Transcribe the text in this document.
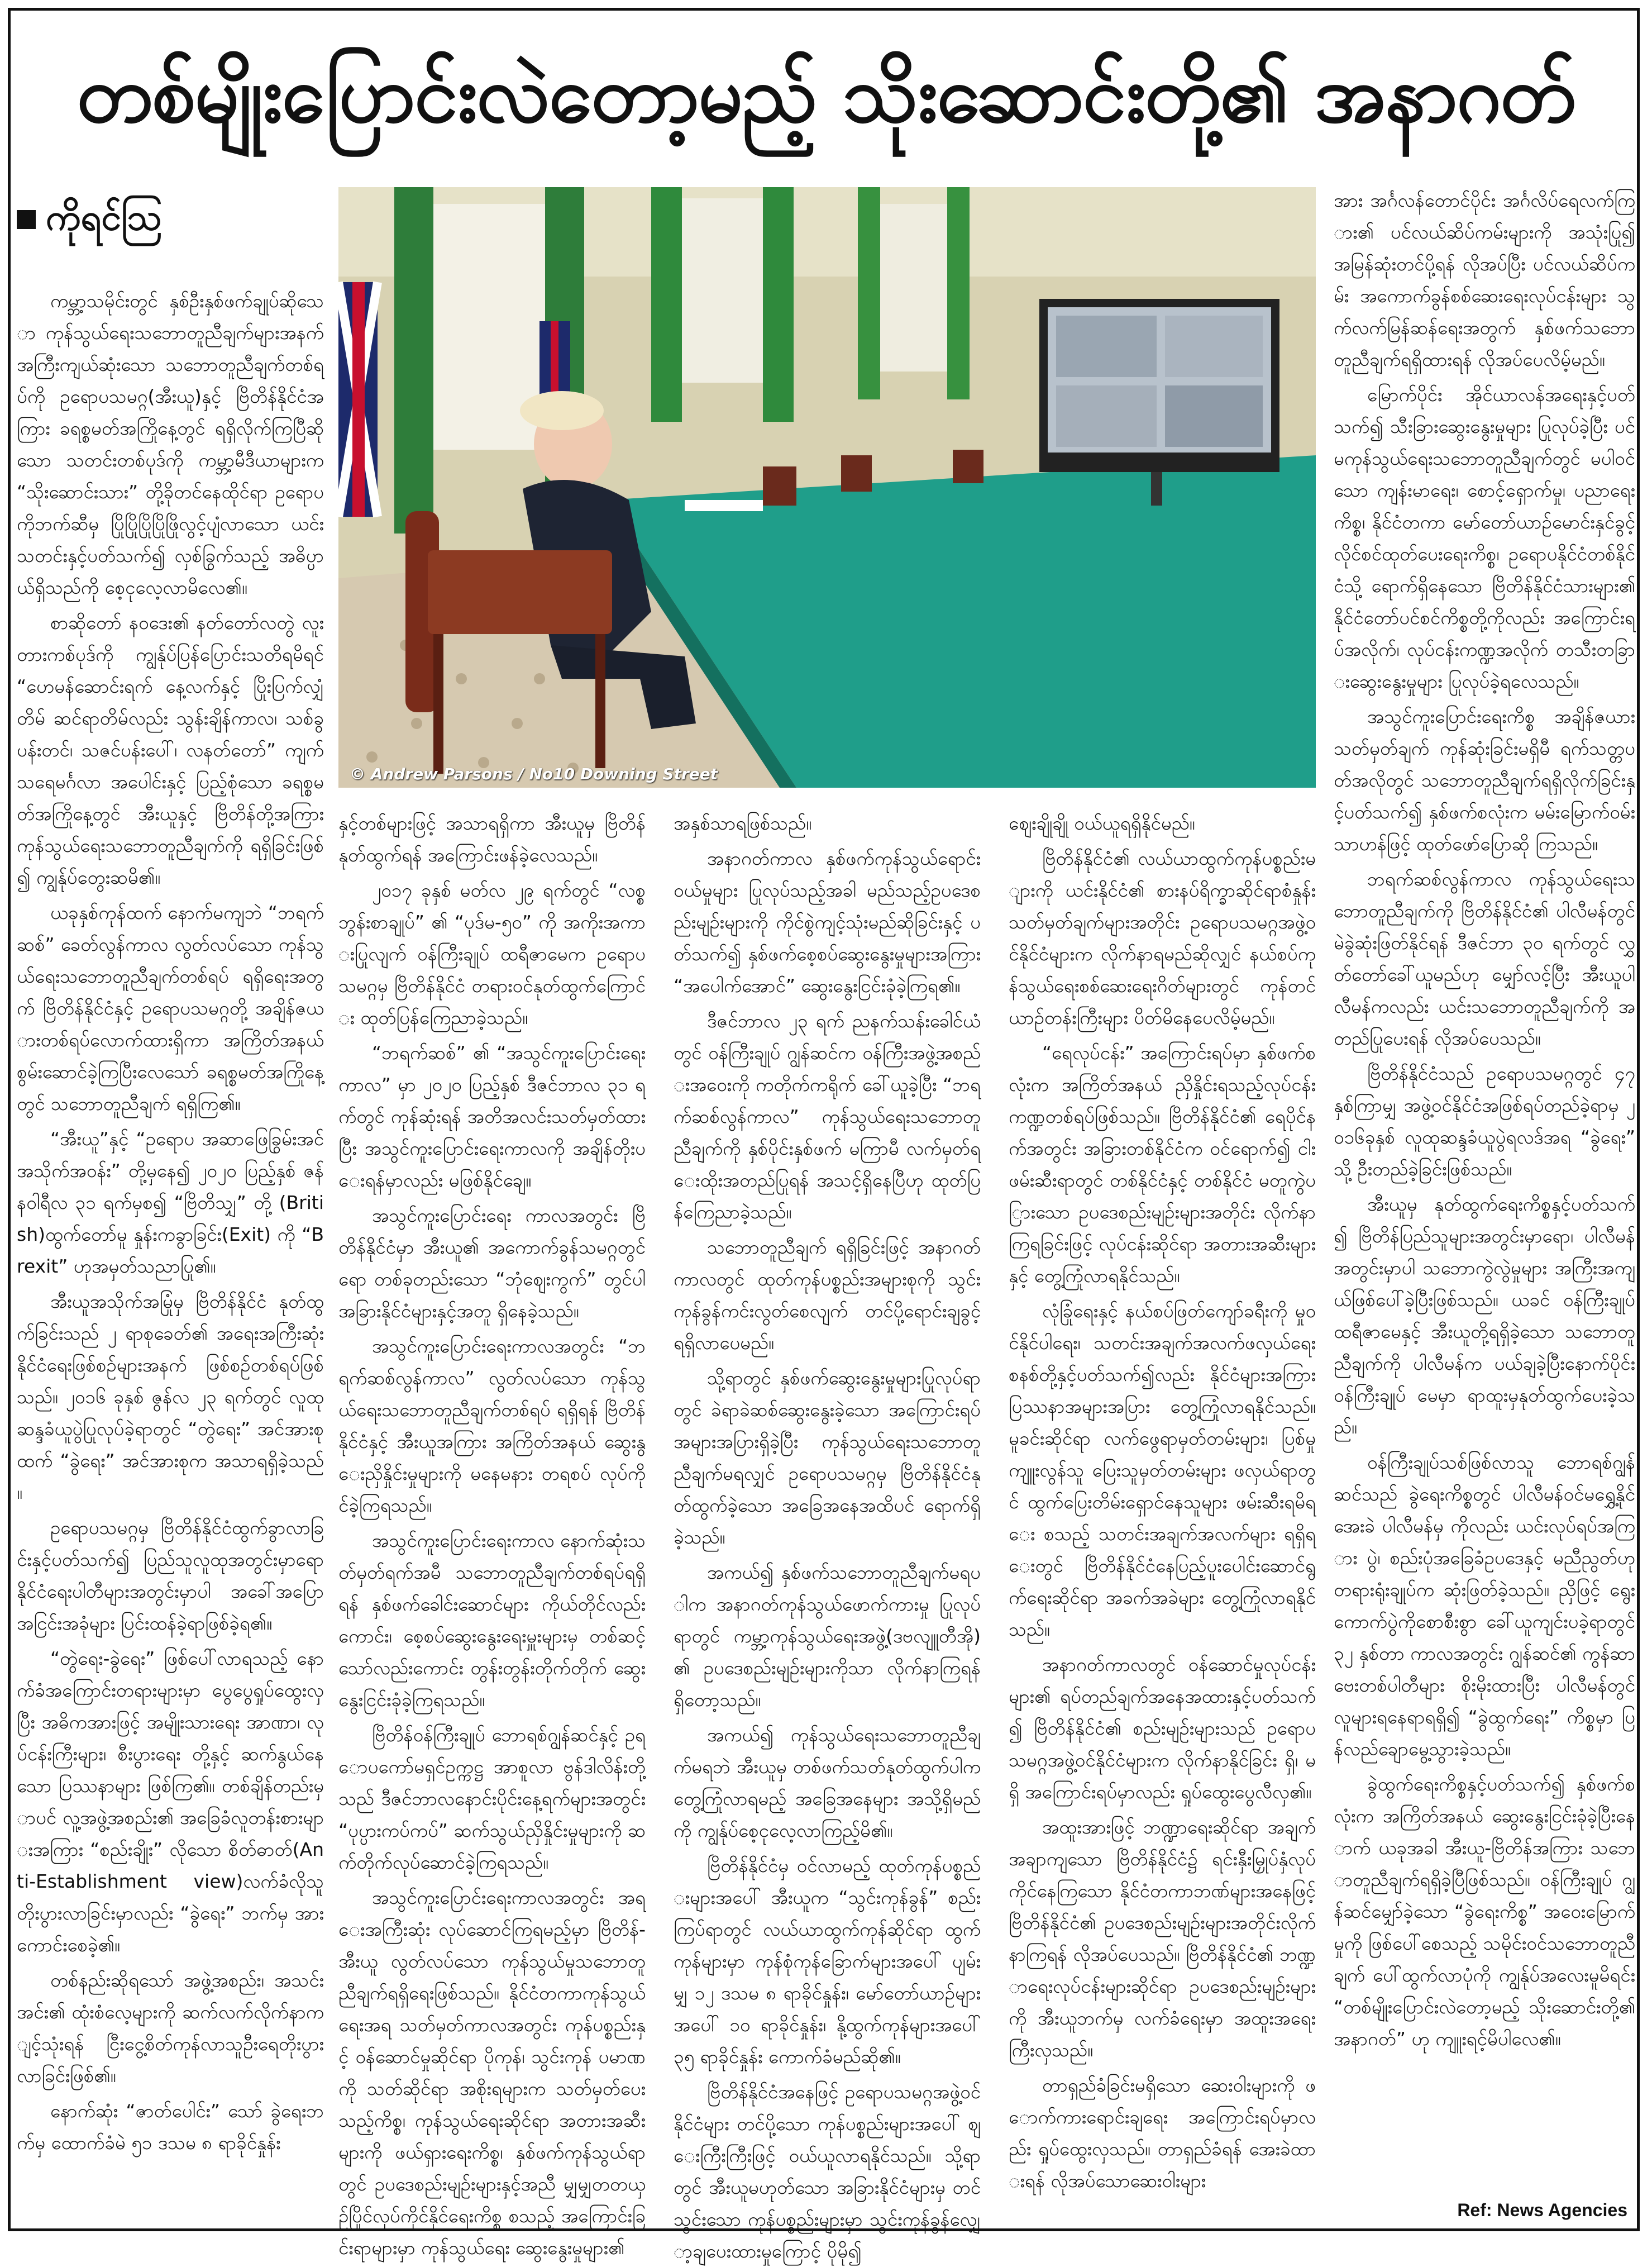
တစ်မျိုးပြောင်းလဲတော့မည့် သိုးဆောင်းတို့၏ အနာဂတ်
ကိုရင်ဩ

ကမ္ဘာ့သမိုင်းတွင် နှစ်ဦးနှစ်ဖက်ချုပ်ဆိုသော ကုန်သွယ်ရေးသဘောတူညီချက်များအနက် အကြီးကျယ်ဆုံးသော သဘောတူညီချက်တစ်ရပ်ကို ဥရောပသမဂ္ဂ(အီးယူ)နှင့် ဗြိတိန်နိုင်ငံအကြား ခရစ္စမတ်အကြိုနေ့တွင် ရရှိလိုက်ကြပြီဆိုသော သတင်းတစ်ပုဒ်ကို ကမ္ဘာ့မီဒီယာများက “သိုးဆောင်းသား” တို့ခိုတင်နေထိုင်ရာ ဥရောပကိုဘက်ဆီမှ ပြိုပြိုပြိုပြိုဖြိုလွင့်ပျံလာသော ယင်းသတင်းနှင့်ပတ်သက်၍ လှစ်ခြွက်သည့် အဓိပ္ပာယ်ရှိသည်ကို စေ့ငုလေ့လာမိလေ၏။

စာဆိုတော် နဝဒေး၏ နတ်တော်လတွဲ လူးတားကစ်ပုဒ်ကို ကျွန်ုပ်ပြန်ပြောင်းသတိရမိရင် “ဟေမန်ဆောင်းရက် နေ့လက်နှင့် ပြိုးပြက်လျှံတိမ် ဆင်ရာတိမ်လည်း သွန်းချိန်ကာလ၊ သစ်ခွပန်းတင်၊ သဇင်ပန်းပေါ်၊ လနတ်တော်” ကျက်သရေမင်္ဂလာ အပေါင်းနှင့် ပြည့်စုံသော ခရစ္စမတ်အကြိုနေ့တွင် အီးယူနှင့် ဗြိတိန်တို့အကြား ကုန်သွယ်ရေးသဘောတူညီချက်ကို ရရှိခြင်းဖြစ်၍ ကျွန်ုပ်တွေးဆမိ၏။

ယခုနှစ်ကုန်ထက် နောက်မကျဘဲ “ဘရက်ဆစ်” ခေတ်လွန်ကာလ လွတ်လပ်သော ကုန်သွယ်ရေးသဘောတူညီချက်တစ်ရပ် ရရှိရေးအတွက် ဗြိတိန်နိုင်ငံနှင့် ဥရောပသမဂ္ဂတို့ အချိန်ဇယားတစ်ရပ်လောက်ထားရှိကာ အကြိတ်အနယ် စွမ်းဆောင်ခဲ့ကြပြီးလေသော် ခရစ္စမတ်အကြိုနေ့တွင် သဘောတူညီချက် ရရှိကြ၏။

“အီးယူ”နှင့် “ဥရောပ အဆာဖြေခြွမ်းအင်အသိုက်အဝန်း” တို့မှနေ၍ ၂၀၂၀ ပြည့်နှစ် ဇန်နဝါရီလ ၃၁ ရက်မှစ၍ “ဗြိတိသျှ” တို့ (British)ထွက်တော်မူ နှုန်းကခွာခြင်း(Exit) ကို “Brexit” ဟုအမှတ်သညာပြု၏။

အီးယူအသိုက်အမြုံမှ ဗြိတိန်နိုင်ငံ နုတ်ထွက်ခြင်းသည် ၂ ရာစုခေတ်၏ အရေးအကြီးဆုံး နိုင်ငံရေးဖြစ်စဉ်များအနက် ဖြစ်စဉ်တစ်ရပ်ဖြစ်သည်။ ၂၀၁၆ ခုနှစ် ဇွန်လ ၂၃ ရက်တွင် လူထုဆန္ဒခံယူပွဲပြုလုပ်ခဲ့ရာတွင် “တွဲရေး” အင်အားစုထက် “ခွဲရေး” အင်အားစုက အသာရရှိခဲ့သည်။

ဥရောပသမဂ္ဂမှ ဗြိတိန်နိုင်ငံထွက်ခွာလာခြင်းနှင့်ပတ်သက်၍ ပြည်သူလူထုအတွင်းမှာရော နိုင်ငံရေးပါတီများအတွင်းမှာပါ အခေါ်အပြော အငြင်းအခုံများ ပြင်းထန်ခဲ့ရာဖြစ်ခဲ့ရ၏။

“တွဲရေး-ခွဲရေး” ဖြစ်ပေါ်လာရသည့် နောက်ခံအကြောင်းတရားများမှာ ပွေပွေရှုပ်ထွေးလှပြီး အဓိကအားဖြင့် အမျိုးသားရေး အာဏာ၊ လုပ်ငန်းကြီးများ၊ စီးပွားရေး တို့နှင့် ဆက်နွယ်နေသော ပြဿနာများ ဖြစ်ကြ၏။ တစ်ချိန်တည်းမှာပင် လူ့အဖွဲ့အစည်း၏ အခြေခံလူတန်းစားများအကြား “စည်းချိုး” လိုသော စိတ်ဓာတ်(Anti-Establishment view)လက်ခံလိုသူ တိုးပွားလာခြင်းမှာလည်း “ခွဲရေး” ဘက်မှ အားကောင်းစေခဲ့၏။

တစ်နည်းဆိုရသော် အဖွဲ့အစည်း၊ အသင်းအင်း၏ ထုံးစံလေ့များကို ဆက်လက်လိုက်နာကျင့်သုံးရန် ငြီးငွေ့စိတ်ကုန်လာသူဦးရေတိုးပွားလာခြင်းဖြစ်၏။

နောက်ဆုံး “ဇာတ်ပေါင်း” သော် ခွဲရေးဘက်မှ ထောက်ခံမဲ ၅၁ ဒသမ ၈ ရာခိုင်နှုန်း

© Andrew Parsons / No10 Downing Street

နှင့်တစ်များဖြင့် အသာရရှိကာ အီးယူမှ ဗြိတိန် နုတ်ထွက်ရန် အကြောင်းဖန်ခဲ့လေသည်။

၂၀၁၇ ခုနှစ် မတ်လ ၂၉ ရက်တွင် “လစ္စဘွန်းစာချုပ်” ၏ “ပုဒ်မ-၅၀” ကို အကိုးအကားပြုလျက် ဝန်ကြီးချုပ် ထရီဇာမေက ဥရောပသမဂ္ဂမှ ဗြိတိန်နိုင်ငံ တရားဝင်နုတ်ထွက်ကြောင်း ထုတ်ပြန်ကြေညာခဲ့သည်။

“ဘရက်ဆစ်” ၏ “အသွင်ကူးပြောင်းရေးကာလ” မှာ ၂၀၂၀ ပြည့်နှစ် ဒီဇင်ဘာလ ၃၁ ရက်တွင် ကုန်ဆုံးရန် အတိအလင်းသတ်မှတ်ထားပြီး အသွင်ကူးပြောင်းရေးကာလကို အချိန်တိုးပေးရန်မှာလည်း မဖြစ်နိုင်ချေ။

အသွင်ကူးပြောင်းရေး ကာလအတွင်း ဗြိတိန်နိုင်ငံမှာ အီးယူ၏ အကောက်ခွန်သမဂ္ဂတွင်ရော တစ်ခုတည်းသော “ဘုံဈေးကွက်” တွင်ပါ အခြားနိုင်ငံများနှင့်အတူ ရှိနေခဲ့သည်။

အသွင်ကူးပြောင်းရေးကာလအတွင်း “ဘရက်ဆစ်လွန်ကာလ” လွတ်လပ်သော ကုန်သွယ်ရေးသဘောတူညီချက်တစ်ရပ် ရရှိရန် ဗြိတိန်နိုင်ငံနှင့် အီးယူအကြား အကြိတ်အနယ် ဆွေးနွေးညှိနှိုင်းမှုများကို မနေမနား တရစပ် လုပ်ကိုင်ခဲ့ကြရသည်။

အသွင်ကူးပြောင်းရေးကာလ နောက်ဆုံးသတ်မှတ်ရက်အမီ သဘောတူညီချက်တစ်ရပ်ရရှိရန် နှစ်ဖက်ခေါင်းဆောင်များ ကိုယ်တိုင်လည်းကောင်း၊ စေ့စပ်ဆွေးနွေးရေးမှူးများမှ တစ်ဆင့်သော်လည်းကောင်း တွန်းတွန်းတိုက်တိုက် ဆွေးနွေးငြင်းခုံခဲ့ကြရသည်။

ဗြိတိန်ဝန်ကြီးချုပ် ဘောရစ်ဂျွန်ဆင်နှင့် ဥရောပကော်မရှင်ဥက္ကဋ္ဌ အာစူလာ ဗွန်ဒါလိန်းတို့သည် ဒီဇင်ဘာလနောင်းပိုင်းနေ့ရက်များအတွင်း “ပုပ္ပားကပ်ကပ်” ဆက်သွယ်ညှိနှိုင်းမှုများကို ဆက်တိုက်လုပ်ဆောင်ခဲ့ကြရသည်။

အသွင်ကူးပြောင်းရေးကာလအတွင်း အရေးအကြီးဆုံး လုပ်ဆောင်ကြရမည့်မှာ ဗြိတိန်-အီးယူ လွတ်လပ်သော ကုန်သွယ်မှုသဘောတူညီချက်ရရှိရေးဖြစ်သည်။ နိုင်ငံတကာကုန်သွယ်ရေးအရ သတ်မှတ်ကာလအတွင်း ကုန်ပစ္စည်းနှင့် ဝန်ဆောင်မှုဆိုင်ရာ ပိုကုန်၊ သွင်းကုန် ပမာဏကို သတ်ဆိုင်ရာ အစိုးရများက သတ်မှတ်ပေးသည့်ကိစ္စ၊ ကုန်သွယ်ရေးဆိုင်ရာ အတားအဆီးများကို ဖယ်ရှားရေးကိစ္စ၊ နှစ်ဖက်ကုန်သွယ်ရာတွင် ဥပဒေစည်းမျဉ်းများနှင့်အညီ မျှမျှတတယှဉ်ပြိုင်လုပ်ကိုင်နိုင်ရေးကိစ္စ စသည့် အကြောင်းခြင်းရာများမှာ ကုန်သွယ်ရေး ဆွေးနွေးမှုများ၏

အနှစ်သာရဖြစ်သည်။

အနာဂတ်ကာလ နှစ်ဖက်ကုန်သွယ်ရောင်းဝယ်မှုများ ပြုလုပ်သည့်အခါ မည်သည့်ဥပဒေစည်းမျဉ်းများကို ကိုင်စွဲကျင့်သုံးမည်ဆိုခြင်းနှင့် ပတ်သက်၍ နှစ်ဖက်စေ့စပ်ဆွေးနွေးမှုများအကြား “အပေါက်အောင်” ဆွေးနွေးငြင်းခုံခဲ့ကြရ၏။

ဒီဇင်ဘာလ ၂၃ ရက် ညနက်သန်းခေါင်ယံတွင် ဝန်ကြီးချုပ် ဂျွန်ဆင်က ဝန်ကြီးအဖွဲ့အစည်းအဝေးကို ကတိုက်ကရိုက် ခေါ်ယူခဲ့ပြီး “ဘရက်ဆစ်လွန်ကာလ” ကုန်သွယ်ရေးသဘောတူညီချက်ကို နှစ်ပိုင်းနှစ်ဖက် မကြာမီ လက်မှတ်ရေးထိုးအတည်ပြုရန် အသင့်ရှိနေပြီဟု ထုတ်ပြန်ကြေညာခဲ့သည်။

သဘောတူညီချက် ရရှိခြင်းဖြင့် အနာဂတ်ကာလတွင် ထုတ်ကုန်ပစ္စည်းအများစုကို သွင်းကုန်ခွန်ကင်းလွတ်စေလျက် တင်ပို့ရောင်းချခွင့် ရရှိလာပေမည်။

သို့ရာတွင် နှစ်ဖက်ဆွေးနွေးမှုများပြုလုပ်ရာတွင် ခဲရာခဲဆစ်ဆွေးနွေးခဲ့သော အကြောင်းရပ်အများအပြားရှိခဲ့ပြီး ကုန်သွယ်ရေးသဘောတူညီချက်မရလျှင် ဥရောပသမဂ္ဂမှ ဗြိတိန်နိုင်ငံနုတ်ထွက်ခဲ့သော အခြေအနေအထိပင် ရောက်ရှိခဲ့သည်။

အကယ်၍ နှစ်ဖက်သဘောတူညီချက်မရပါက အနာဂတ်ကုန်သွယ်ဖောက်ကားမှု ပြုလုပ်ရာတွင် ကမ္ဘာ့ကုန်သွယ်ရေးအဖွဲ့(ဒဗလျူတီအို)၏ ဥပဒေစည်းမျဉ်းများကိုသာ လိုက်နာကြရန် ရှိတော့သည်။

အကယ်၍ ကုန်သွယ်ရေးသဘောတူညီချက်မရဘဲ အီးယူမှ တစ်ဖက်သတ်နုတ်ထွက်ပါက တွေ့ကြုံလာရမည့် အခြေအနေများ အသို့ရှိမည်ကို ကျွန်ုပ်စေ့ငုလေ့လာကြည့်မိ၏။

ဗြိတိန်နိုင်ငံမှ ဝင်လာမည့် ထုတ်ကုန်ပစ္စည်းများအပေါ် အီးယူက “သွင်းကုန်ခွန်” စည်းကြပ်ရာတွင် လယ်ယာထွက်ကုန်ဆိုင်ရာ ထွက်ကုန်များမှာ ကုန်စုံကုန်ခြောက်များအပေါ် ပျမ်းမျှ ၁၂ ဒသမ ၈ ရာခိုင်နှုန်း၊ မော်တော်ယာဉ်များအပေါ် ၁၀ ရာခိုင်နှုန်း၊ နို့ထွက်ကုန်များအပေါ် ၃၅ ရာခိုင်နှုန်း ကောက်ခံမည်ဆို၏။

ဗြိတိန်နိုင်ငံအနေဖြင့် ဥရောပသမဂ္ဂအဖွဲ့ဝင်နိုင်ငံများ တင်ပို့သော ကုန်ပစ္စည်းများအပေါ် ဈေးကြီးကြီးဖြင့် ဝယ်ယူလာရနိုင်သည်။ သို့ရာတွင် အီးယူမဟုတ်သော အခြားနိုင်ငံများမှ တင်သွင်းသော ကုန်ပစ္စည်းများမှာ သွင်းကုန်ခွန်လျှော့ချပေးထားမှုကြောင့် ပိုမို၍

ဈေးချိုချို ဝယ်ယူရရှိနိုင်မည်။

ဗြိတိန်နိုင်ငံ၏ လယ်ယာထွက်ကုန်ပစ္စည်းများကို ယင်းနိုင်ငံ၏ စားနပ်ရိက္ခာဆိုင်ရာစံနှုန်းသတ်မှတ်ချက်များအတိုင်း ဥရောပသမဂ္ဂအဖွဲ့ဝင်နိုင်ငံများက လိုက်နာရမည်ဆိုလျှင် နယ်စပ်ကုန်သွယ်ရေးစစ်ဆေးရေးဂိတ်များတွင် ကုန်တင်ယာဉ်တန်းကြီးများ ပိတ်မိနေပေလိမ့်မည်။

“ရေလုပ်ငန်း” အကြောင်းရပ်မှာ နှစ်ဖက်စလုံးက အကြိတ်အနယ် ညှိနှိုင်းရသည့်လုပ်ငန်းကဏ္ဍတစ်ရပ်ဖြစ်သည်။ ဗြိတိန်နိုင်ငံ၏ ရေပိုင်နက်အတွင်း အခြားတစ်နိုင်ငံက ဝင်ရောက်၍ ငါးဖမ်းဆီးရာတွင် တစ်နိုင်ငံနှင့် တစ်နိုင်ငံ မတူကွဲပြားသော ဥပဒေစည်းမျဉ်းများအတိုင်း လိုက်နာကြရခြင်းဖြင့် လုပ်ငန်းဆိုင်ရာ အတားအဆီးများနှင့် တွေ့ကြုံလာရနိုင်သည်။

လုံခြုံရေးနှင့် နယ်စပ်ဖြတ်ကျော်ခရီးကို မှုဝင်နိုင်ပါရေး၊ သတင်းအချက်အလက်ဖလှယ်ရေးစနစ်တို့နှင့်ပတ်သက်၍လည်း နိုင်ငံများအကြား ပြဿနာအများအပြား တွေ့ကြုံလာရနိုင်သည်။ မူခင်းဆိုင်ရာ လက်ဖွေရာမှတ်တမ်းများ၊ ပြစ်မှုကျူးလွန်သူ ပြေးသူမှတ်တမ်းများ ဖလှယ်ရာတွင် ထွက်ပြေးတိမ်းရှောင်နေသူများ ဖမ်းဆီးရမိရေး စသည့် သတင်းအချက်အလက်များ ရရှိရေးတွင် ဗြိတိန်နိုင်ငံနေပြည့်ပူးပေါင်းဆောင်ရွက်ရေးဆိုင်ရာ အခက်အခဲများ တွေ့ကြုံလာရနိုင်သည်။

အနာဂတ်ကာလတွင် ဝန်ဆောင်မှုလုပ်ငန်းများ၏ ရပ်တည်ချက်အနေအထားနှင့်ပတ်သက်၍ ဗြိတိန်နိုင်ငံ၏ စည်းမျဉ်းများသည် ဥရောပသမဂ္ဂအဖွဲ့ဝင်နိုင်ငံများက လိုက်နာနိုင်ခြင်း ရှိ၊ မရှိ အကြောင်းရပ်မှာလည်း ရှုပ်ထွေးပွေလီလှ၏။

အထူးအားဖြင့် ဘဏ္ဍာရေးဆိုင်ရာ အချက်အချာကျသော ဗြိတိန်နိုင်ငံ၌ ရင်းနှီးမြှုပ်နှံလုပ်ကိုင်နေကြသော နိုင်ငံတကာဘဏ်များအနေဖြင့် ဗြိတိန်နိုင်ငံ၏ ဥပဒေစည်းမျဉ်းများအတိုင်းလိုက်နာကြရန် လိုအပ်ပေသည်။ ဗြိတိန်နိုင်ငံ၏ ဘဏ္ဍာရေးလုပ်ငန်းများဆိုင်ရာ ဥပဒေစည်းမျဉ်းများကို အီးယူဘက်မှ လက်ခံရေးမှာ အထူးအရေးကြီးလှသည်။

တာရှည်ခံခြင်းမရှိသော ဆေးဝါးများကို ဖောက်ကားရောင်းချရေး အကြောင်းရပ်မှာလည်း ရှုပ်ထွေးလှသည်။ တာရှည်ခံရန် အေးခဲထားရန် လိုအပ်သောဆေးဝါးများ

အား အင်္ဂလန်တောင်ပိုင်း အင်္ဂလိပ်ရေလက်ကြား၏ ပင်လယ်ဆိပ်ကမ်းများကို အသုံးပြု၍ အမြန်ဆုံးတင်ပို့ရန် လိုအပ်ပြီး ပင်လယ်ဆိပ်ကမ်း အကောက်ခွန်စစ်ဆေးရေးလုပ်ငန်းများ သွက်လက်မြန်ဆန်ရေးအတွက် နှစ်ဖက်သဘောတူညီချက်ရရှိထားရန် လိုအပ်ပေလိမ့်မည်။

မြောက်ပိုင်း အိုင်ယာလန်အရေးနှင့်ပတ်သက်၍ သီးခြားဆွေးနွေးမှုများ ပြုလုပ်ခဲ့ပြီး ပင်မကုန်သွယ်ရေးသဘောတူညီချက်တွင် မပါဝင်သော ကျန်းမာရေး၊ စောင့်ရှောက်မှု၊ ပညာရေးကိစ္စ၊ နိုင်ငံတကာ မော်တော်ယာဉ်မောင်းနှင်ခွင့် လိုင်စင်ထုတ်ပေးရေးကိစ္စ၊ ဥရောပနိုင်ငံတစ်နိုင်ငံသို့ ရောက်ရှိနေသော ဗြိတိန်နိုင်ငံသားများ၏ နိုင်ငံတော်ပင်စင်ကိစ္စတို့ကိုလည်း အကြောင်းရပ်အလိုက်၊ လုပ်ငန်းကဏ္ဍအလိုက် တသီးတခြားဆွေးနွေးမှုများ ပြုလုပ်ခဲ့ရလေသည်။

အသွင်ကူးပြောင်းရေးကိစ္စ အချိန်ဇယားသတ်မှတ်ချက် ကုန်ဆုံးခြင်းမရှိမီ ရက်သတ္တပတ်အလိုတွင် သဘောတူညီချက်ရရှိလိုက်ခြင်းနှင့်ပတ်သက်၍ နှစ်ဖက်စလုံးက မမ်းမြောက်ဝမ်းသာဟန်ဖြင့် ထုတ်ဖော်ပြောဆို ကြသည်။

ဘရက်ဆစ်လွန်ကာလ ကုန်သွယ်ရေးသဘောတူညီချက်ကို ဗြိတိန်နိုင်ငံ၏ ပါလီမန်တွင် မဲခွဲဆုံးဖြတ်နိုင်ရန် ဒီဇင်ဘာ ၃၀ ရက်တွင် လွှတ်တော်ခေါ်ယူမည်ဟု မျှော်လင့်ပြီး အီးယူပါလီမန်ကလည်း ယင်းသဘောတူညီချက်ကို အတည်ပြုပေးရန် လိုအပ်ပေသည်။

ဗြိတိန်နိုင်ငံသည် ဥရောပသမဂ္ဂတွင် ၄၇ နှစ်ကြာမျှ အဖွဲ့ဝင်နိုင်ငံအဖြစ်ရပ်တည်ခဲ့ရာမှ ၂၀၁၆ခုနှစ် လူထုဆန္ဒခံယူပွဲရလဒ်အရ “ခွဲရေး” သို့ ဦးတည်ခဲ့ခြင်းဖြစ်သည်။

အီးယူမှ နုတ်ထွက်ရေးကိစ္စနှင့်ပတ်သက်၍ ဗြိတိန်ပြည်သူများအတွင်းမှာရော၊ ပါလီမန်အတွင်းမှာပါ သဘောကွဲလွဲမှုများ အကြီးအကျယ်ဖြစ်ပေါ်ခဲ့ပြီးဖြစ်သည်။ ယခင် ဝန်ကြီးချုပ် ထရီဇာမေနှင့် အီးယူတို့ရရှိခဲ့သော သဘောတူညီချက်ကို ပါလီမန်က ပယ်ချခဲ့ပြီးနောက်ပိုင်း ဝန်ကြီးချုပ် မေမှာ ရာထူးမှနုတ်ထွက်ပေးခဲ့သည်။

ဝန်ကြီးချုပ်သစ်ဖြစ်လာသူ ဘောရစ်ဂျွန်ဆင်သည် ခွဲရေးကိစ္စတွင် ပါလီမန်ဝင်မရွှေ့နိုင်အေးခဲ ပါလီမန်မှ ကိုလည်း ယင်းလုပ်ရပ်အကြား ပွဲ၊ စည်းပုံအခြေခံဥပဒေနှင့် မညီညွတ်ဟု တရားရုံးချုပ်က ဆုံးဖြတ်ခဲ့သည်။ ညှိဖြင့် ရွေးကောက်ပွဲကိုစောစီးစွာ ခေါ်ယူကျင်းပခဲ့ရာတွင် ၃၂ နှစ်တာ ကာလအတွင်း ဂျွန်ဆင်၏ ကွန်ဆာဗေးတစ်ပါတီများ စိုးမိုးထားပြီး ပါလီမန်တွင် လူများရနေရာရရှိ၍ “ခွဲထွက်ရေး” ကိစ္စမှာ ပြန်လည်ချောမွေ့သွားခဲ့သည်။

ခွဲထွက်ရေးကိစ္စနှင့်ပတ်သက်၍ နှစ်ဖက်စလုံးက အကြိတ်အနယ် ဆွေးနွေးငြင်းခုံခဲ့ပြီးနောက် ယခုအခါ အီးယူ-ဗြိတိန်အကြား သဘောတူညီချက်ရရှိခဲ့ပြီဖြစ်သည်။ ဝန်ကြီးချုပ် ဂျွန်ဆင်မျှော်ခဲ့သော “ခွဲရေးကိစ္စ” အဝေးမြောက်မှုကို ဖြစ်ပေါ်စေသည့် သမိုင်းဝင်သဘောတူညီချက် ပေါ်ထွက်လာပုံကို ကျွန်ုပ်အလေးမူမိရင်း “တစ်မျိုးပြောင်းလဲတော့မည့် သိုးဆောင်းတို့၏ အနာဂတ်” ဟု ကျူးရင့်မိပါလေ၏။

Ref: News Agencies
